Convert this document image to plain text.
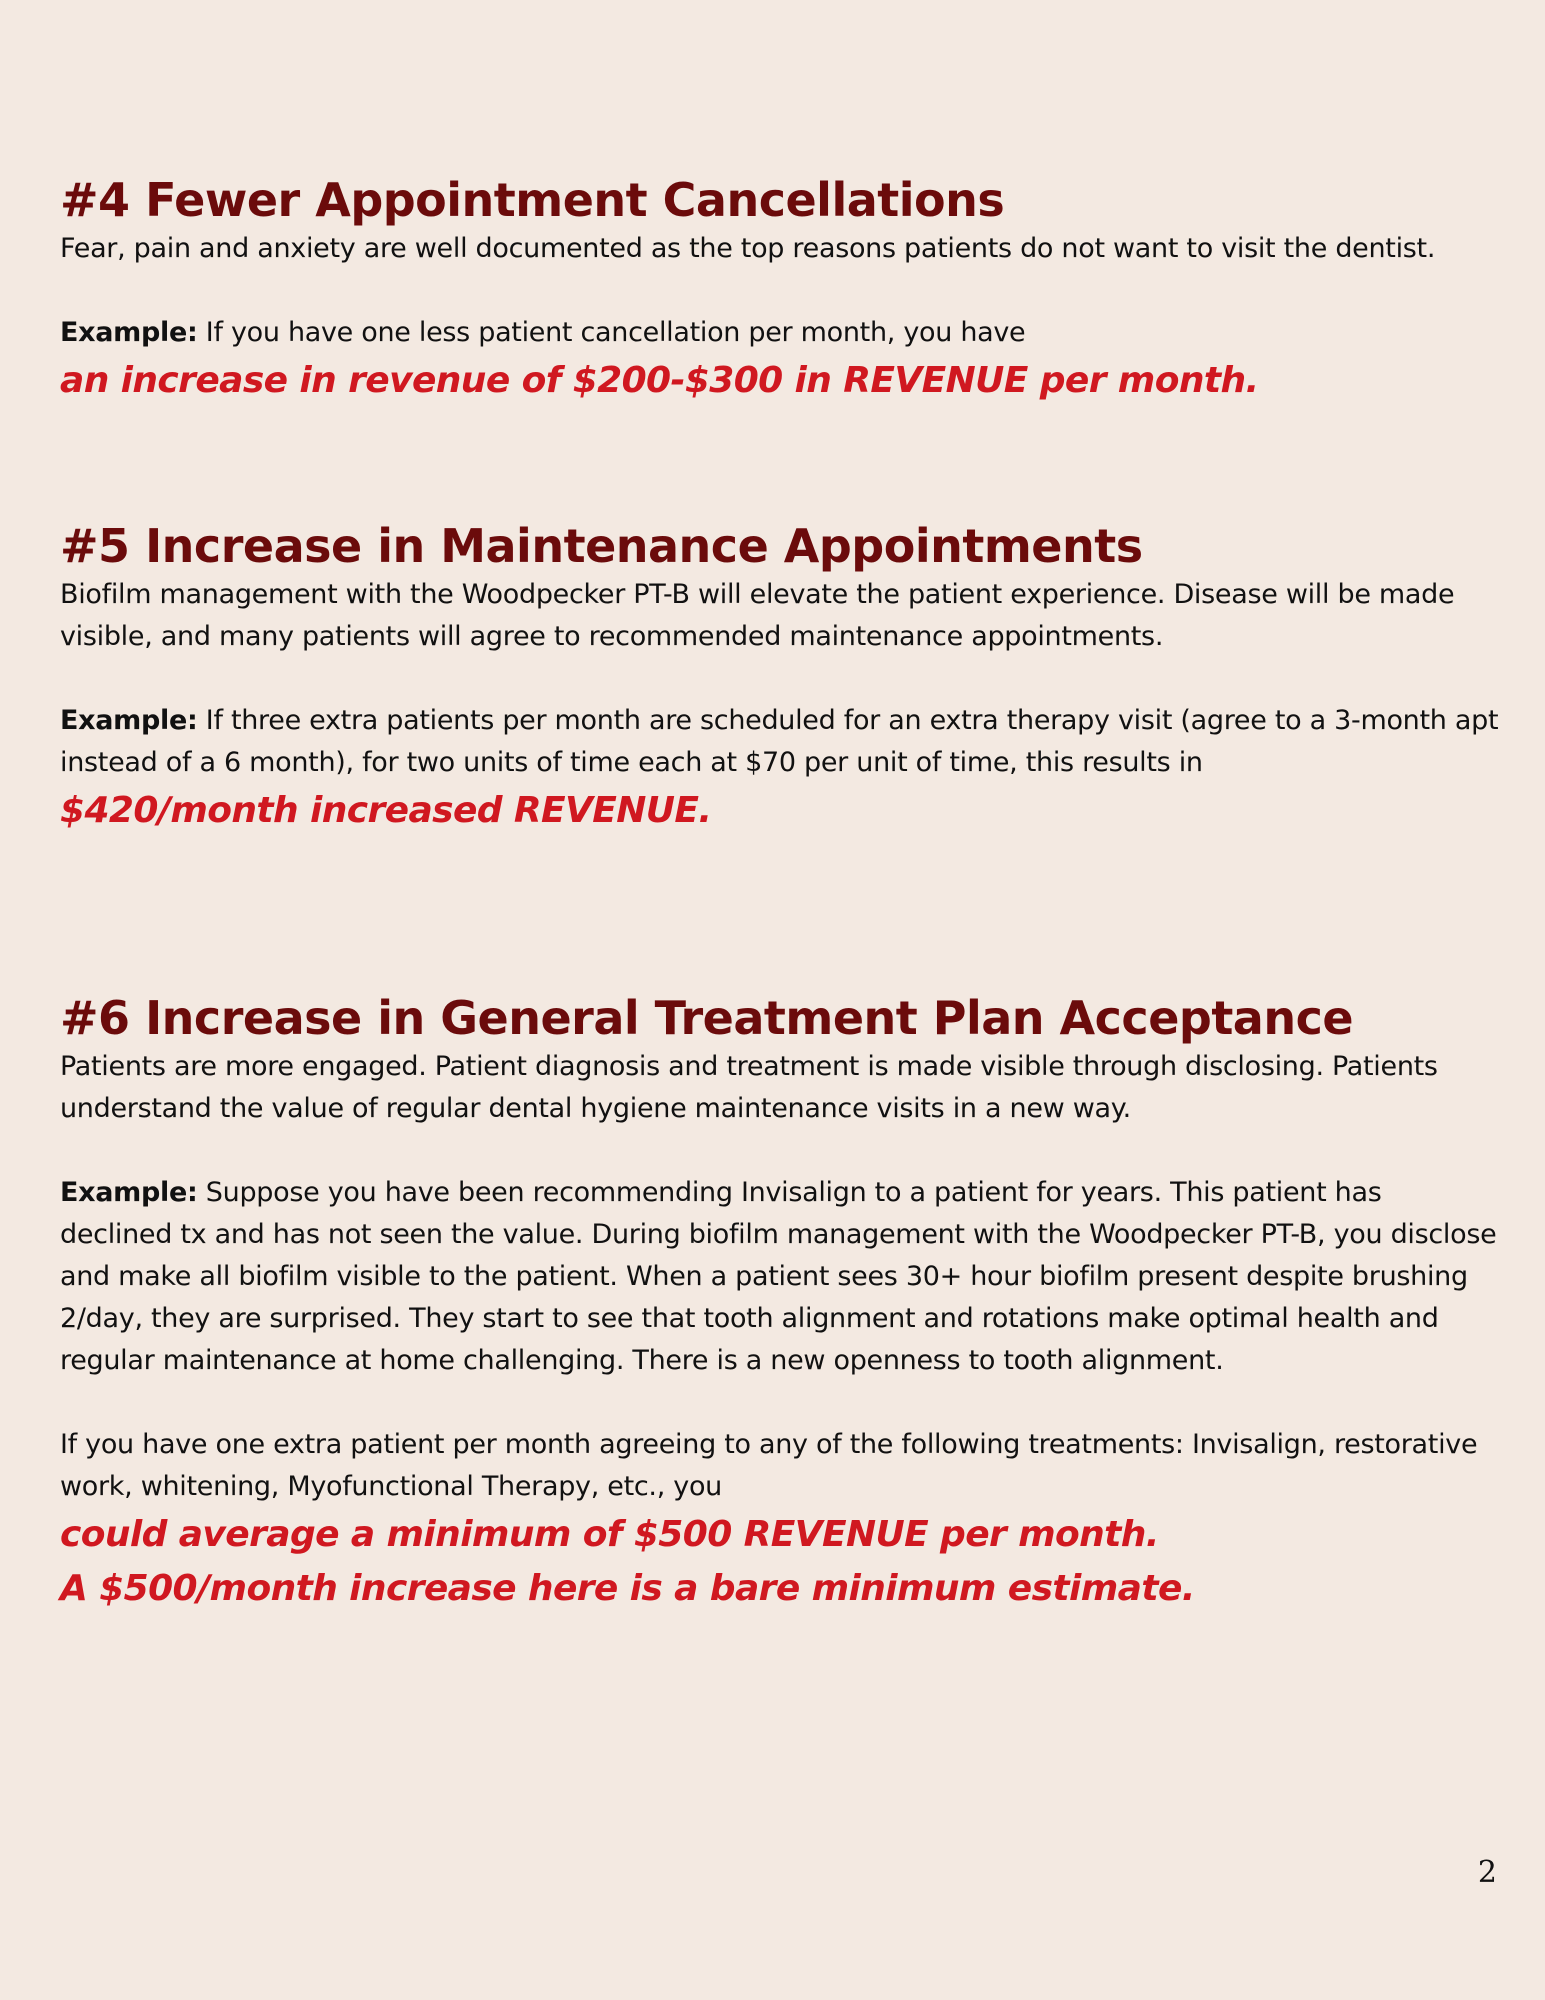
#4 Fewer Appointment Cancellations

Fear, pain and anxiety are well documented as the top reasons patients do not want to visit the dentist.

Example: If you have one less patient cancellation per month, you have

an increase in revenue of $200-$300 in REVENUE per month.

#5 Increase in Maintenance Appointments

Biofilm management with the Woodpecker PT-B will elevate the patient experience. Disease will be made visible, and many patients will agree to recommended maintenance appointments.

Example: If three extra patients per month are scheduled for an extra therapy visit (agree to a 3-month apt instead of a 6 month), for two units of time each at $70 per unit of time, this results in

$420/month increased REVENUE.

#6 Increase in General Treatment Plan Acceptance

Patients are more engaged. Patient diagnosis and treatment is made visible through disclosing. Patients understand the value of regular dental hygiene maintenance visits in a new way.

Example: Suppose you have been recommending Invisalign to a patient for years. This patient has declined tx and has not seen the value. During biofilm management with the Woodpecker PT-B, you disclose and make all biofilm visible to the patient. When a patient sees 30+ hour biofilm present despite brushing 2/day, they are surprised. They start to see that tooth alignment and rotations make optimal health and regular maintenance at home challenging. There is a new openness to tooth alignment.

If you have one extra patient per month agreeing to any of the following treatments: Invisalign, restorative work, whitening, Myofunctional Therapy, etc., you

could average a minimum of $500 REVENUE per month.

A $500/month increase here is a bare minimum estimate.

2
